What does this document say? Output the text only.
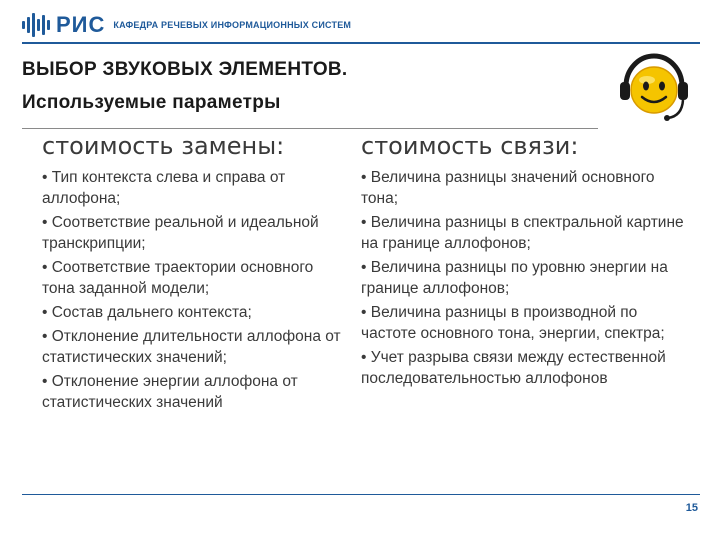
РИС КАФЕДРА РЕЧЕВЫХ ИНФОРМАЦИОННЫХ СИСТЕМ
ВЫБОР ЗВУКОВЫХ ЭЛЕМЕНТОВ.
Используемые параметры
стоимость замены:	стоимость связи:
• Тип контекста слева и справа от аллофона;
• Соответствие реальной и идеальной транскрипции;
• Соответствие траектории основного тона заданной модели;
• Состав дальнего контекста;
• Отклонение длительности аллофона от статистических значений;
• Отклонение энергии аллофона от статистических значений
• Величина разницы значений основного тона;
• Величина разницы в спектральной картине на границе аллофонов;
• Величина разницы по уровню энергии на границе аллофонов;
• Величина разницы в производной по частоте основного тона, энергии, спектра;
• Учет разрыва связи между естественной последовательностью аллофонов
15
